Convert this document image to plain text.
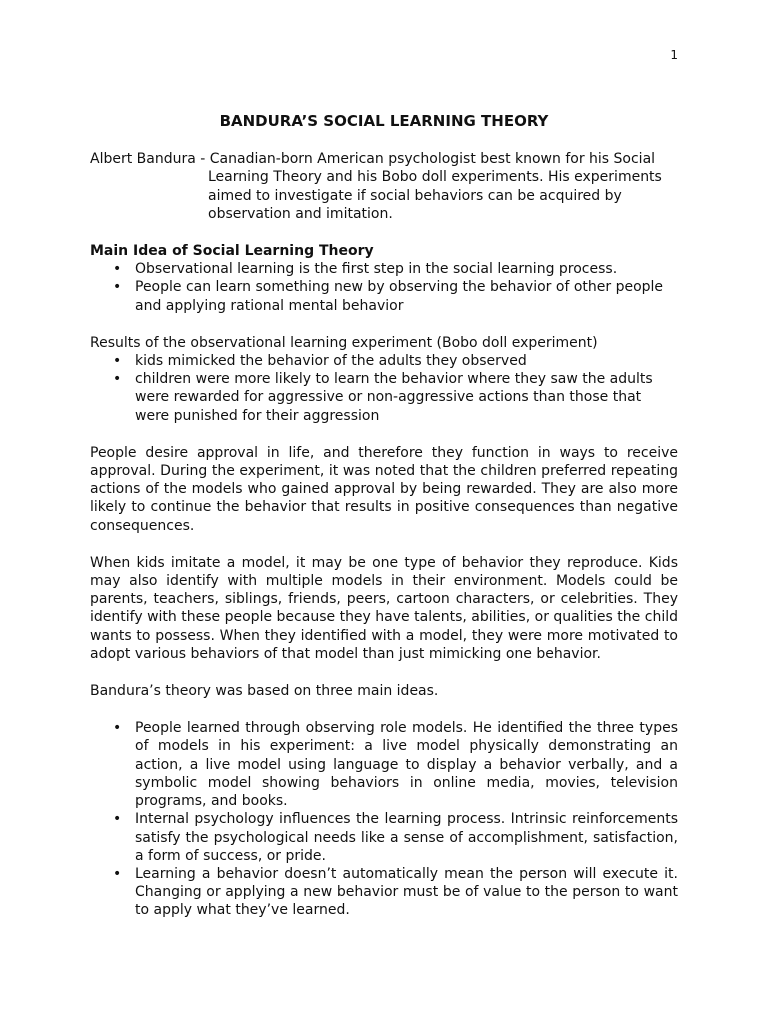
1
BANDURA’S SOCIAL LEARNING THEORY
Albert Bandura - Canadian-born American psychologist best known for his Social
Learning Theory and his Bobo doll experiments. His experiments aimed to investigate if social behaviors can be acquired by observation and imitation.

Main Idea of Social Learning Theory

• Observational learning is the first step in the social learning process.
• People can learn something new by observing the behavior of other people and applying rational mental behavior

Results of the observational learning experiment (Bobo doll experiment)

• kids mimicked the behavior of the adults they observed
• children were more likely to learn the behavior where they saw the adults were rewarded for aggressive or non-aggressive actions than those that were punished for their aggression

People desire approval in life, and therefore they function in ways to receive approval. During the experiment, it was noted that the children preferred repeating actions of the models who gained approval by being rewarded. They are also more likely to continue the behavior that results in positive consequences than negative consequences.

When kids imitate a model, it may be one type of behavior they reproduce. Kids may also identify with multiple models in their environment. Models could be parents, teachers, siblings, friends, peers, cartoon characters, or celebrities. They identify with these people because they have talents, abilities, or qualities the child wants to possess. When they identified with a model, they were more motivated to adopt various behaviors of that model than just mimicking one behavior.

Bandura’s theory was based on three main ideas.

• People learned through observing role models. He identified the three types of models in his experiment: a live model physically demonstrating an action, a live model using language to display a behavior verbally, and a symbolic model showing behaviors in online media, movies, television programs, and books.
• Internal psychology influences the learning process. Intrinsic reinforcements satisfy the psychological needs like a sense of accomplishment, satisfaction, a form of success, or pride.
• Learning a behavior doesn’t automatically mean the person will execute it. Changing or applying a new behavior must be of value to the person to want to apply what they’ve learned.
